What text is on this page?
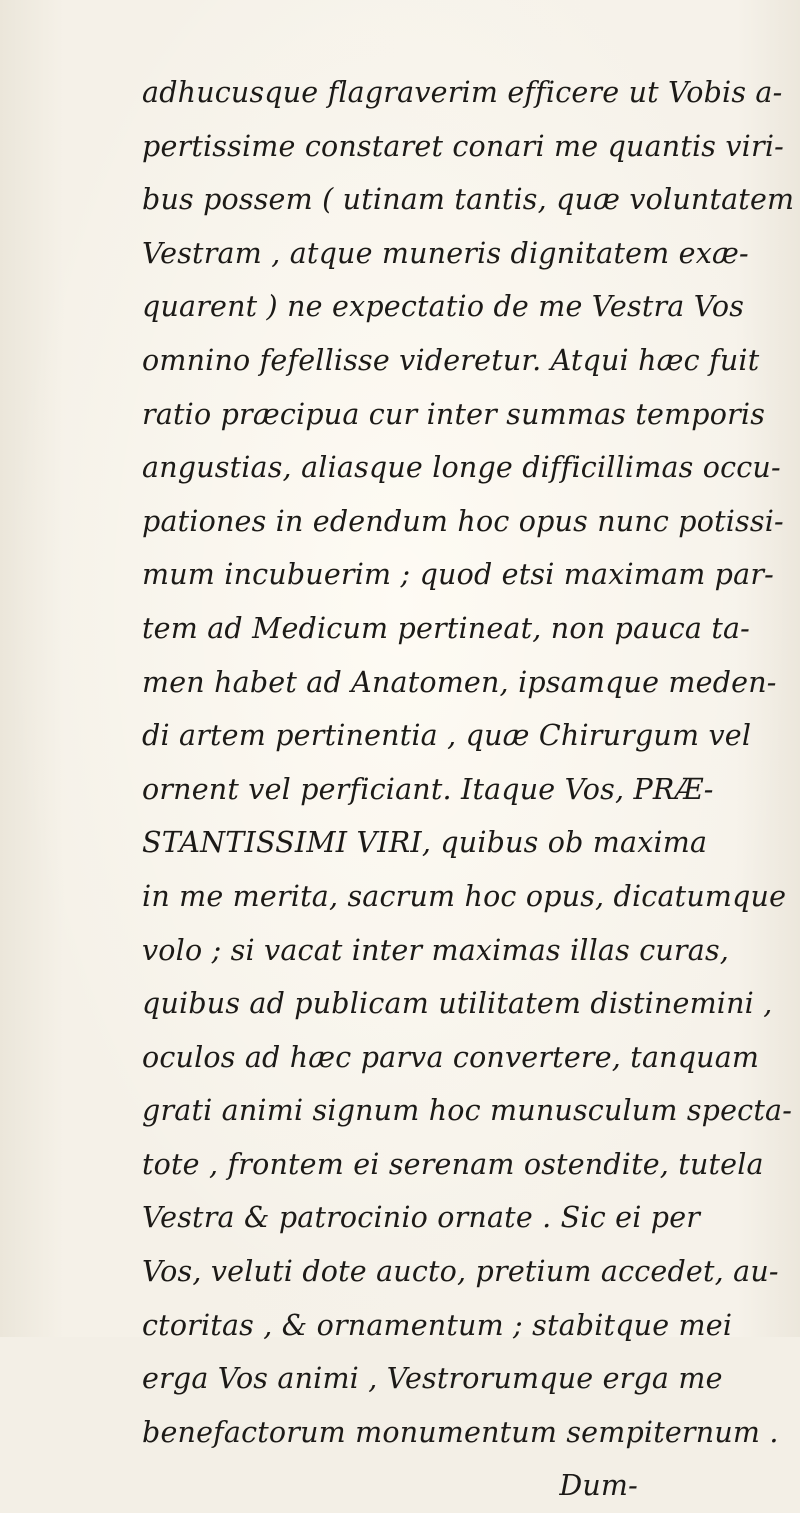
adhucusque flagraverim efficere ut Vobis a-
pertissime constaret conari me quantis viri-
bus possem ( utinam tantis, quæ voluntatem
Vestram , atque muneris dignitatem exæ-
quarent ) ne expectatio de me Vestra Vos
omnino fefellisse videretur. Atqui hæc fuit
ratio præcipua cur inter summas temporis
angustias, aliasque longe difficillimas occu-
pationes in edendum hoc opus nunc potissi-
mum incubuerim ; quod etsi maximam par-
tem ad Medicum pertineat, non pauca ta-
men habet ad Anatomen, ipsamque meden-
di artem pertinentia , quæ Chirurgum vel
ornent vel perficiant. Itaque Vos, PRÆ-
STANTISSIMI VIRI, quibus ob maxima
in me merita, sacrum hoc opus, dicatumque
volo ; si vacat inter maximas illas curas,
quibus ad publicam utilitatem distinemini ,
oculos ad hæc parva convertere, tanquam
grati animi signum hoc munusculum specta-
tote , frontem ei serenam ostendite, tutela
Vestra & patrocinio ornate . Sic ei per
Vos, veluti dote aucto, pretium accedet, au-
ctoritas , & ornamentum ; stabitque mei
erga Vos animi , Vestrorumque erga me
benefactorum monumentum sempiternum .
Dum-
